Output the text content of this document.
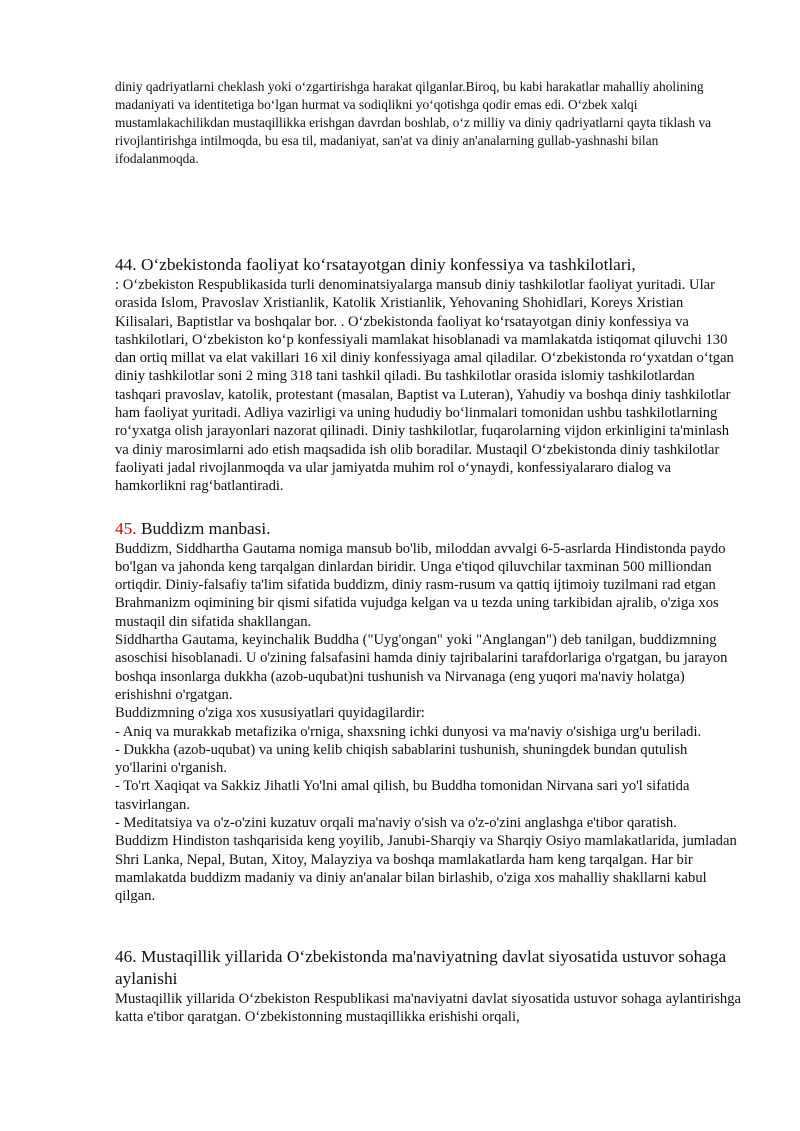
diniy qadriyatlarni cheklash yoki o‘zgartirishga harakat qilganlar.Biroq, bu kabi harakatlar mahalliy aholining madaniyati va identitetiga bo‘lgan hurmat va sodiqlikni yo‘qotishga qodir emas edi. O‘zbek xalqi mustamlakachilikdan mustaqillikka erishgan davrdan boshlab, o‘z milliy va diniy qadriyatlarni qayta tiklash va rivojlantirishga intilmoqda, bu esa til, madaniyat, san'at va diniy an'analarning gullab-yashnashi bilan ifodalanmoqda.

44. O‘zbekistonda faoliyat ko‘rsatayotgan diniy konfessiya va tashkilotlari,

: O‘zbekiston Respublikasida turli denominatsiyalarga mansub diniy tashkilotlar faoliyat yuritadi. Ular orasida Islom, Pravoslav Xristianlik, Katolik Xristianlik, Yehovaning Shohidlari, Koreys Xristian Kilisalari, Baptistlar va boshqalar bor. . O‘zbekistonda faoliyat ko‘rsatayotgan diniy konfessiya va tashkilotlari, O‘zbekiston ko‘p konfessiyali mamlakat hisoblanadi va mamlakatda istiqomat qiluvchi 130 dan ortiq millat va elat vakillari 16 xil diniy konfessiyaga amal qiladilar. O‘zbekistonda ro‘yxatdan o‘tgan diniy tashkilotlar soni 2 ming 318 tani tashkil qiladi. Bu tashkilotlar orasida islomiy tashkilotlardan tashqari pravoslav, katolik, protestant (masalan, Baptist va Luteran), Yahudiy va boshqa diniy tashkilotlar ham faoliyat yuritadi. Adliya vazirligi va uning hududiy bo‘linmalari tomonidan ushbu tashkilotlarning ro‘yxatga olish jarayonlari nazorat qilinadi. Diniy tashkilotlar, fuqarolarning vijdon erkinligini ta'minlash va diniy marosimlarni ado etish maqsadida ish olib boradilar. Mustaqil O‘zbekistonda diniy tashkilotlar faoliyati jadal rivojlanmoqda va ular jamiyatda muhim rol o‘ynaydi, konfessiyalararo dialog va hamkorlikni rag‘batlantiradi.

45. Buddizm manbasi.
Buddizm, Siddhartha Gautama nomiga mansub bo'lib, miloddan avvalgi 6-5-asrlarda Hindistonda paydo bo'lgan va jahonda keng tarqalgan dinlardan biridir. Unga e'tiqod qiluvchilar taxminan 500 milliondan ortiqdir. Diniy-falsafiy ta'lim sifatida buddizm, diniy rasm-rusum va qattiq ijtimoiy tuzilmani rad etgan Brahmanizm oqimining bir qismi sifatida vujudga kelgan va u tezda uning tarkibidan ajralib, o'ziga xos mustaqil din sifatida shakllangan.
Siddhartha Gautama, keyinchalik Buddha ("Uyg'ongan" yoki "Anglangan") deb tanilgan, buddizmning asoschisi hisoblanadi. U o'zining falsafasini hamda diniy tajribalarini tarafdorlariga o'rgatgan, bu jarayon boshqa insonlarga dukkha (azob-uqubat)ni tushunish va Nirvanaga (eng yuqori ma'naviy holatga) erishishni o'rgatgan.
Buddizmning o'ziga xos xususiyatlari quyidagilardir:
- Aniq va murakkab metafizika o'rniga, shaxsning ichki dunyosi va ma'naviy o'sishiga urg'u beriladi.
- Dukkha (azob-uqubat) va uning kelib chiqish sabablarini tushunish, shuningdek bundan qutulish yo'llarini o'rganish.
- To'rt Xaqiqat va Sakkiz Jihatli Yo'lni amal qilish, bu Buddha tomonidan Nirvana sari yo'l sifatida tasvirlangan.
- Meditatsiya va o'z-o'zini kuzatuv orqali ma'naviy o'sish va o'z-o'zini anglashga e'tibor qaratish.
Buddizm Hindiston tashqarisida keng yoyilib, Janubi-Sharqiy va Sharqiy Osiyo mamlakatlarida, jumladan Shri Lanka, Nepal, Butan, Xitoy, Malayziya va boshqa mamlakatlarda ham keng tarqalgan. Har bir mamlakatda buddizm madaniy va diniy an'analar bilan birlashib, o'ziga xos mahalliy shakllarni kabul qilgan.
46. Mustaqillik yillarida O‘zbekistonda ma'naviyatning davlat siyosatida ustuvor sohaga aylanishi

Mustaqillik yillarida O‘zbekiston Respublikasi ma'naviyatni davlat siyosatida ustuvor sohaga aylantirishga katta e'tibor qaratgan. O‘zbekistonning mustaqillikka erishishi orqali,
